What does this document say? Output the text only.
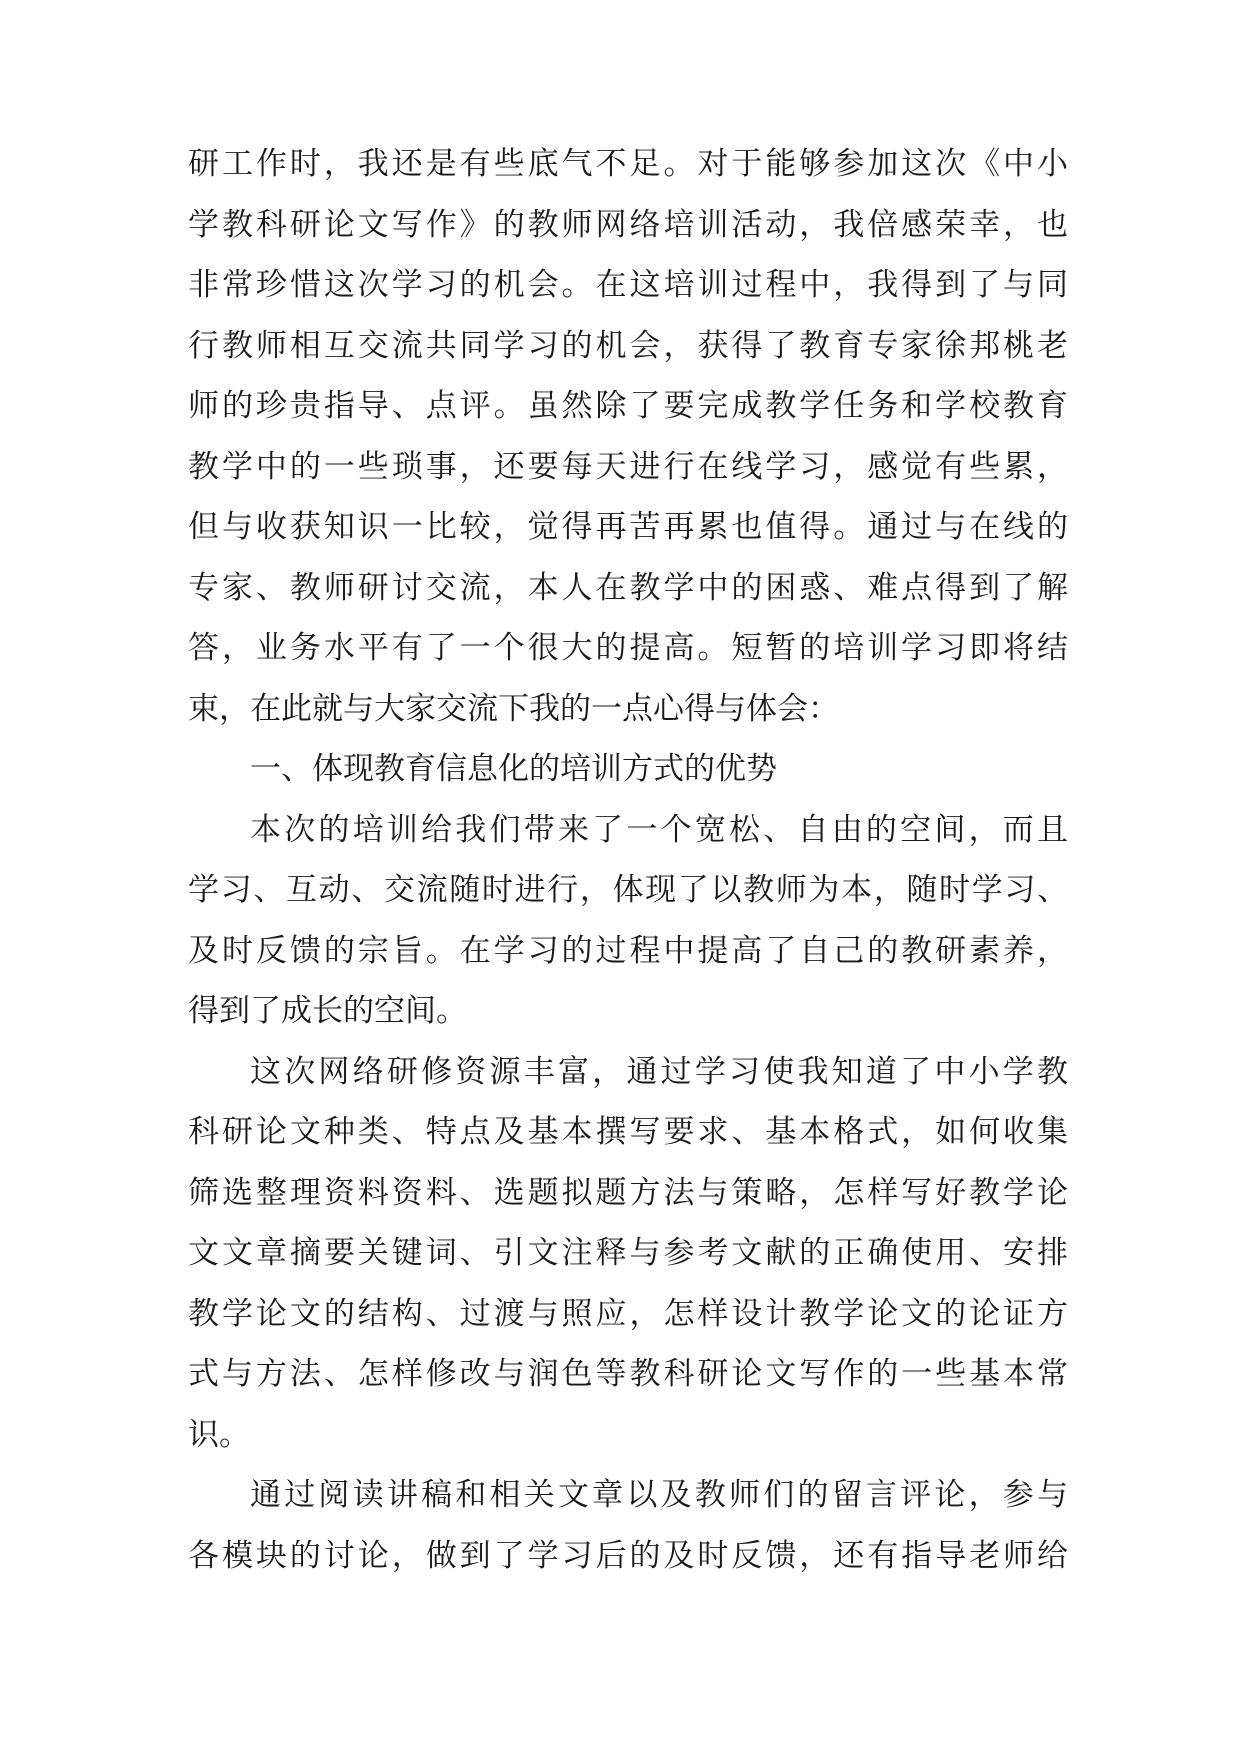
研工作时，我还是有些底气不足。对于能够参加这次《中小
学教科研论文写作》的教师网络培训活动，我倍感荣幸，也
非常珍惜这次学习的机会。在这培训过程中，我得到了与同
行教师相互交流共同学习的机会，获得了教育专家徐邦桃老
师的珍贵指导、点评。虽然除了要完成教学任务和学校教育
教学中的一些琐事，还要每天进行在线学习，感觉有些累，
但与收获知识一比较，觉得再苦再累也值得。通过与在线的
专家、教师研讨交流，本人在教学中的困惑、难点得到了解
答，业务水平有了一个很大的提高。短暂的培训学习即将结
束，在此就与大家交流下我的一点心得与体会：
一、体现教育信息化的培训方式的优势
本次的培训给我们带来了一个宽松、自由的空间，而且
学习、互动、交流随时进行，体现了以教师为本，随时学习、
及时反馈的宗旨。在学习的过程中提高了自己的教研素养，
得到了成长的空间。
这次网络研修资源丰富，通过学习使我知道了中小学教
科研论文种类、特点及基本撰写要求、基本格式，如何收集
筛选整理资料资料、选题拟题方法与策略，怎样写好教学论
文文章摘要关键词、引文注释与参考文献的正确使用、安排
教学论文的结构、过渡与照应，怎样设计教学论文的论证方
式与方法、怎样修改与润色等教科研论文写作的一些基本常
识。
通过阅读讲稿和相关文章以及教师们的留言评论，参与
各模块的讨论，做到了学习后的及时反馈，还有指导老师给
